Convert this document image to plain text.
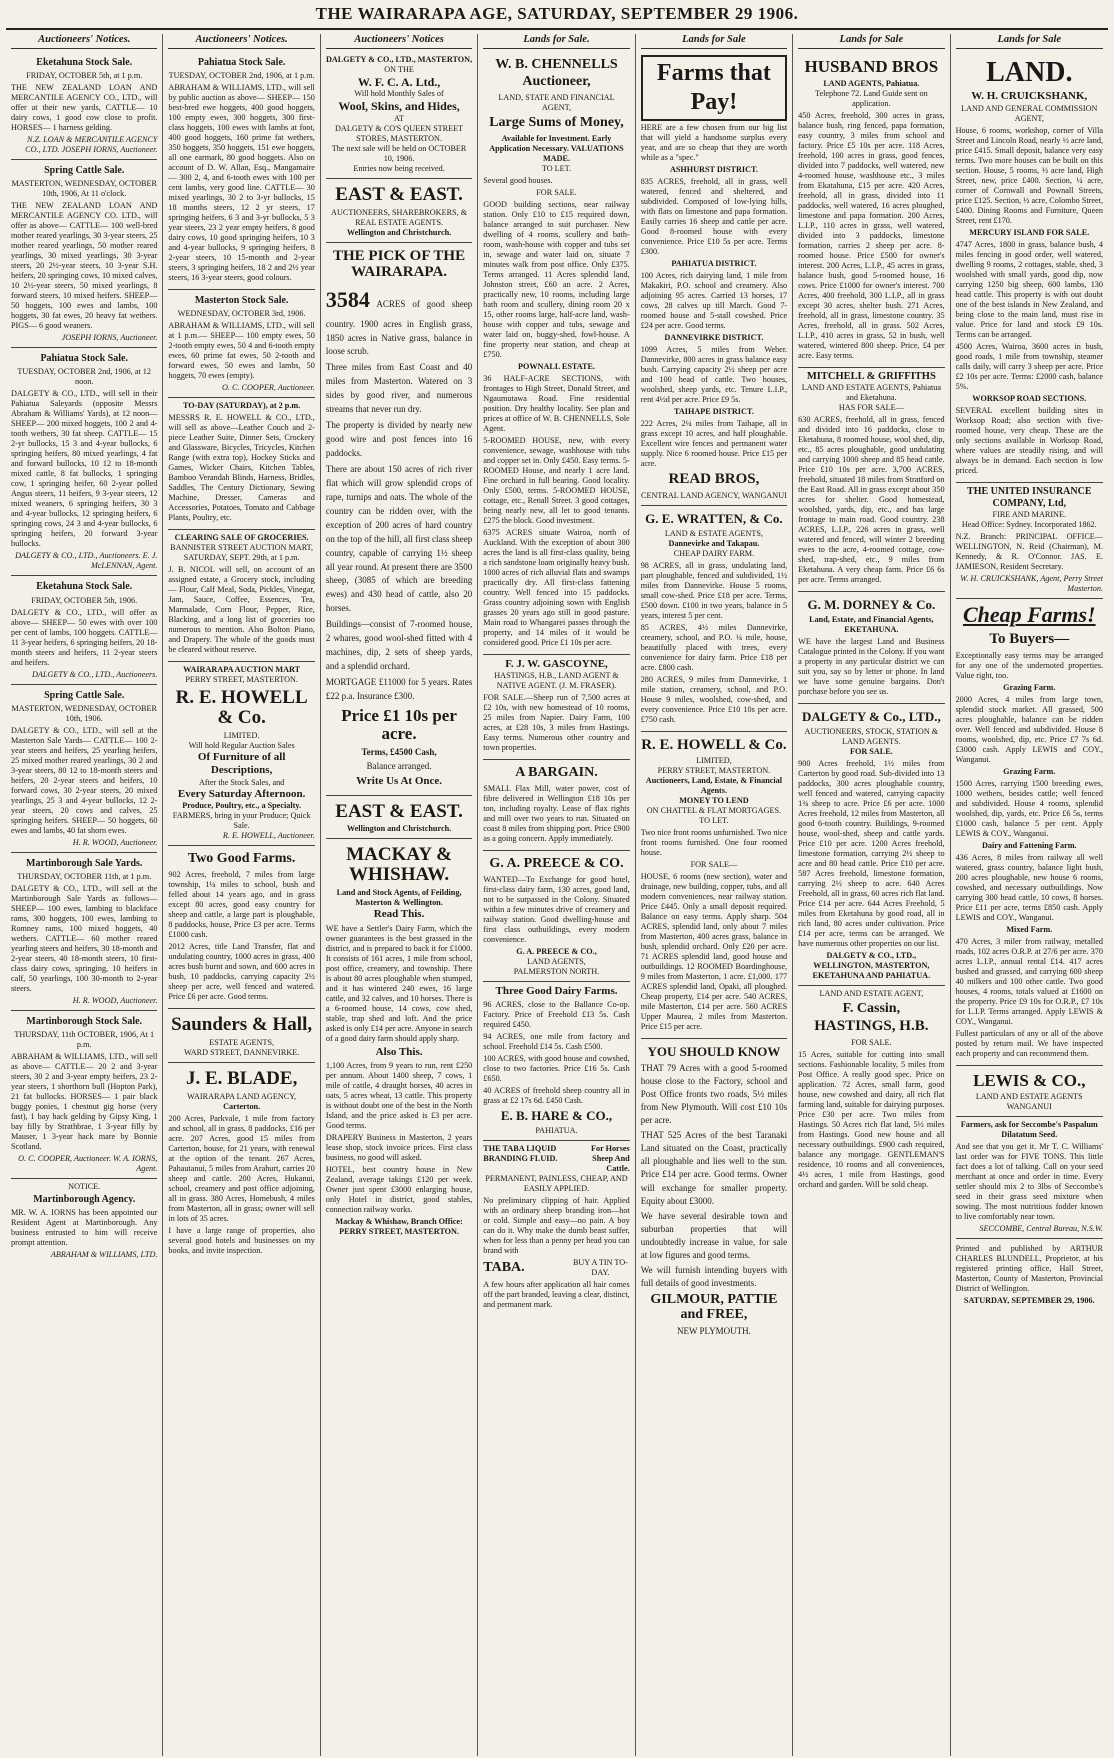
THE WAIRARAPA AGE, SATURDAY, SEPTEMBER 29 1906.
Auctioneers' Notices.
Eketahuna Stock Sale.
FRIDAY, OCTOBER 5th, at 1 p.m.
THE NEW ZEALAND LOAN AND MERCANTILE AGENCY CO., LTD., will offer at their new yards, CATTLE— 10 dairy cows, 1 good cow close to profit. HORSES— 1 harness gelding.
N.Z. LOAN & MERCANTILE AGENCY CO., LTD. JOSEPH IORNS, Auctioneer.
Spring Cattle Sale.
MASTERTON, WEDNESDAY, OCTOBER 10th, 1906, At 11 o'clock.
THE NEW ZEALAND LOAN AND MERCANTILE AGENCY CO. LTD., will offer as above— CATTLE— 100 well-bred mother reared yearlings, 30 3-year steers, 25 mother reared yearlings, 50 mother reared yearlings, 30 mixed yearlings, 30 3-year steers, 20 2½-year steers, 10 3-year S.H. heifers, 20 springing cows, 10 mixed calves, 10 2½-year steers, 50 mixed yearlings, 8 forward steers, 10 mixed heifers. SHEEP— 50 hoggets, 100 ewes and lambs, 100 hoggets, 30 fat ewes, 20 heavy fat wethers. PIGS— 6 good weaners.
JOSEPH IORNS, Auctioneer.
Pahiatua Stock Sale.
TUESDAY, OCTOBER 2nd, 1906, at 12 noon.
DALGETY & CO., LTD., will sell in their Pahiatua Saleyards (opposite Messrs Abraham & Williams' Yards), at 12 noon— SHEEP— 200 mixed hoggets, 100 2 and 4-tooth wethers, 30 fat sheep. CATTLE— 15 2-yr bullocks, 15 3 and 4-year bullocks, 6 springing heifers, 80 mixed yearlings, 4 fat and forward bullocks, 10 12 to 18-month mixed cattle, 8 fat bullocks, 1 springing cow, 1 springing heifer, 60 2-year polled Angus steers, 11 heifers, 9 3-year steers, 12 mixed weaners, 6 springing heifers, 30 3 and 4-year bullocks, 12 springing heifers, 6 springing cows, 24 3 and 4-year bullocks, 6 springing heifers, 20 forward 3-year bullocks.
DALGETY & CO., LTD., Auctioneers. E. J. McLENNAN, Agent.
Eketahuna Stock Sale.
FRIDAY, OCTOBER 5th, 1906.
DALGETY & CO., LTD., will offer as above— SHEEP— 50 ewes with over 100 per cent of lambs, 100 hoggets. CATTLE— 11 3-year heifers, 6 springing heifers, 20 18-month steers and heifers, 11 2-year steers and heifers.
DALGETY & CO., LTD., Auctioneers.
Spring Cattle Sale.
MASTERTON, WEDNESDAY, OCTOBER 10th, 1906.
DALGETY & CO., LTD., will sell at the Masterton Sale Yards— CATTLE— 100 2-year steers and heifers, 25 yearling heifers, 25 mixed mother reared yearlings, 30 2 and 3-year steers, 80 12 to 18-month steers and heifers, 20 2-year steers and heifers, 10 forward cows, 30 2-year steers, 20 mixed yearlings, 25 3 and 4-year bullocks, 12 2-year steers, 20 cows and calves, 25 springing heifers. SHEEP— 50 hoggets, 60 ewes and lambs, 40 fat shorn ewes.
H. R. WOOD, Auctioneer.
Martinborough Sale Yards.
THURSDAY, OCTOBER 11th, at 1 p.m.
DALGETY & CO., LTD., will sell at the Martinborough Sale Yards as follows— SHEEP— 100 ewes, lambing to blackface rams, 300 hoggets, 100 ewes, lambing to Romney rams, 100 mixed hoggets, 40 wethers. CATTLE— 60 mother reared yearling steers and heifers, 30 18-month and 2-year steers, 40 18-month steers, 10 first-class dairy cows, springing, 10 heifers in calf, 50 yearlings, 100 30-month to 2-year steers.
H. R. WOOD, Auctioneer.
Martinborough Stock Sale.
THURSDAY, 11th OCTOBER, 1906, At 1 p.m.
ABRAHAM & WILLIAMS, LTD., will sell as above— CATTLE— 20 2 and 3-year steers, 30 2 and 3-year empty heifers, 23 2-year steers, 1 shorthorn bull (Hopton Park), 21 fat bullocks. HORSES— 1 pair black buggy ponies, 1 chestnut gig horse (very fast), 1 bay hack gelding by Gipsy King, 1 bay filly by Strathbrae, 1 3-year filly by Mauser, 1 3-year hack mare by Bonnie Scotland.
O. C. COOPER, Auctioneer. W. A. IORNS, Agent.
NOTICE.
Martinborough Agency.
MR. W. A. IORNS has been appointed our Resident Agent at Martinborough. Any business entrusted to him will receive prompt attention.
ABRAHAM & WILLIAMS, LTD.
Auctioneers' Notices.
Pahiatua Stock Sale.
TUESDAY, OCTOBER 2nd, 1906, at 1 p.m.
ABRAHAM & WILLIAMS, LTD., will sell by public auction as above— SHEEP— 150 best-bred ewe hoggets, 400 good hoggets, 100 empty ewes, 300 hoggets, 300 first-class hoggets, 100 ewes with lambs at foot, 400 good hoggets, 160 prime fat wethers, 350 hoggets, 350 hoggets, 151 ewe hoggets, all one earmark, 80 good hoggets. Also on account of D. W. Allan, Esq., Mangamaire— 300 2, 4, and 6-tooth ewes with 100 per cent lambs, very good line. CATTLE— 30 mixed yearlings, 30 2 to 3-yr bullocks, 15 18 months steers, 12 2 yr steers, 17 springing heifers, 6 3 and 3-yr bullocks, 5 3 year steers, 23 2 year empty heifers, 8 good dairy cows, 10 good springing heifers, 10 3 and 4-year bullocks, 9 springing heifers, 8 2-year steers, 10 15-month and 2-year steers, 3 springing heifers, 18 2 and 2½ year steers, 16 3-year steers, good colours.
Masterton Stock Sale.
WEDNESDAY, OCTOBER 3rd, 1906.
ABRAHAM & WILLIAMS, LTD., will sell at 1 p.m.— SHEEP— 100 empty ewes, 50 2-tooth empty ewes, 50 4 and 6-tooth empty ewes, 60 prime fat ewes, 50 2-tooth and forward ewes, 50 ewes and lambs, 50 hoggets, 70 ewes (empty).
O. C. COOPER, Auctioneer.
TO-DAY (SATURDAY), at 2 p.m.
MESSRS R. E. HOWELL & CO., LTD., will sell as above—Leather Couch and 2-piece Leather Suite, Dinner Sets, Crockery and Glassware, Bicycles, Tricycles, Kitchen Range (with extra top), Hockey Sticks and Games, Wicker Chairs, Kitchen Tables, Bamboo Verandah Blinds, Harness, Bridles, Saddles, The Century Dictionary, Sewing Machine, Dresser, Cameras and Accessories, Potatoes, Tomato and Cabbage Plants, Poultry, etc.
CLEARING SALE OF GROCERIES.
BANNISTER STREET AUCTION MART, SATURDAY, SEPT. 29th, at 1 p.m.
J. B. NICOL will sell, on account of an assigned estate, a Grocery stock, including— Flour, Calf Meal, Soda, Pickles, Vinegar, Jam, Sauce, Coffee, Essences, Tea, Marmalade, Corn Flour, Pepper, Rice, Blacking, and a long list of groceries too numerous to mention. Also Bolton Piano, and Drapery. The whole of the goods must be cleared without reserve.
WAIRARAPA AUCTION MART
PERRY STREET, MASTERTON.
R. E. HOWELL & Co.
LIMITED.
Will hold Regular Auction Sales
Of Furniture of all Descriptions,
After the Stock Sales, and
Every Saturday Afternoon.
Produce, Poultry, etc., a Specialty.
FARMERS, bring in your Produce; Quick Sale.
R. E. HOWELL, Auctioneer.
Two Good Farms.
902 Acres, freehold, 7 miles from large township, 1¼ miles to school, bush and felled about 14 years ago, and in grass except 80 acres, good easy country for sheep and cattle, a large part is ploughable, 8 paddocks, house, Price £3 per acre. Terms £1000 cash.
2012 Acres, title Land Transfer, flat and undulating country, 1000 acres in grass, 400 acres bush burnt and sown, and 600 acres in bush, 10 paddocks, carrying capacity 2½ sheep per acre, well fenced and watered. Price £6 per acre. Good terms.
Saunders & Hall,
ESTATE AGENTS,
WARD STREET, DANNEVIRKE.
J. E. BLADE,
WAIRARAPA LAND AGENCY,
Carterton.
200 Acres, Parkvale, 1 mile from factory and school, all in grass, 8 paddocks, £16 per acre. 207 Acres, good 15 miles from Carterton, house, for 21 years, with renewal at the option of the tenant. 267 Acres, Pahautanui, 5 miles from Arahurt, carries 20 sheep and cattle. 200 Acres, Hukanui, school, creamery and post office adjoining, all in grass. 380 Acres, Homebush, 4 miles from Masterton, all in grass; owner will sell in lots of 35 acres.
I have a large range of properties, also several good hotels and businesses on my books, and invite inspection.
Auctioneers' Notices
DALGETY & CO., LTD., MASTERTON,
ON THE
W. F. C. A. Ltd.,
Will hold Monthly Sales of
Wool, Skins, and Hides,
AT
DALGETY & CO'S QUEEN STREET STORES, MASTERTON.
The next sale will be held on OCTOBER 10, 1906.
Entries now being received.
EAST & EAST.
AUCTIONEERS, SHAREBROKERS, & REAL ESTATE AGENTS.
Wellington and Christchurch.
THE PICK OF THE WAIRARAPA.
3584 ACRES of good sheep country. 1900 acres in English grass, 1850 acres in Native grass, balance in loose scrub.
Three miles from East Coast and 40 miles from Masterton. Watered on 3 sides by good river, and numerous streams that never run dry.
The property is divided by nearly new good wire and post fences into 16 paddocks.
There are about 150 acres of rich river flat which will grow splendid crops of rape, turnips and oats. The whole of the country can be ridden over, with the exception of 200 acres of hard country on the top of the hill, all first class sheep country, capable of carrying 1½ sheep all year round. At present there are 3500 sheep, (3085 of which are breeding ewes) and 430 head of cattle, also 20 horses.
Buildings—consist of 7-roomed house, 2 whares, good wool-shed fitted with 4 machines, dip, 2 sets of sheep yards, and a splendid orchard.
MORTGAGE £11000 for 5 years. Rates £22 p.a. Insurance £300.
Price £1 10s per acre.
Terms, £4500 Cash,
Balance arranged.
Write Us At Once.
EAST & EAST.
Wellington and Christchurch.
MACKAY & WHISHAW.
Land and Stock Agents, of Feilding, Masterton & Wellington.
Read This.
WE have a Settler's Dairy Farm, which the owner guarantees is the best grassed in the district, and is prepared to back it for £1000. It consists of 161 acres, 1 mile from school, post office, creamery, and township. There is about 80 acres ploughable when stumped, and it has wintered 240 ewes, 16 large cattle, and 32 calves, and 10 horses. There is a 6-roomed house, 14 cows, cow shed, stable, trap shed and loft. And the price asked is only £14 per acre. Anyone in search of a good dairy farm should apply sharp.
Also This.
1,100 Acres, from 9 years to run, rent £250 per annum. About 1400 sheep, 7 cows, 1 mile of cattle, 4 draught horses, 40 acres in oats, 5 acres wheat, 13 cattle. This property is without doubt one of the best in the North Island, and the price asked is £3 per acre. Good terms.
DRAPERY Business in Masterton, 2 years lease shop, stock invoice prices. First class business, no good will asked.
HOTEL, best country house in New Zealand, average takings £120 per week. Owner just spent £3000 enlarging house, only Hotel in district, good stables, connection railway works.
Mackay & Whishaw, Branch Office: PERRY STREET, MASTERTON.
Lands for Sale.
W. B. CHENNELLS
Auctioneer,
LAND, STATE AND FINANCIAL AGENT,
Large Sums of Money,
Available for Investment. Early Application Necessary. VALUATIONS MADE.
TO LET.
Several good houses.
FOR SALE.
GOOD building sections, near railway station. Only £10 to £15 required down, balance arranged to suit purchaser. New dwelling of 4 rooms, scullery and bath-room, wash-house with copper and tubs set in, sewage and water laid on, situate 7 minutes walk from post office. Only £375. Terms arranged. 11 Acres splendid land, Johnston street, £60 an acre. 2 Acres, practically new, 10 rooms, including large bath room and scullery, dining room 20 x 15, other rooms large, half-acre land, wash-house with copper and tubs, sewage and water laid on, buggy-shed, fowl-house. A fine property near station, and cheap at £750.
POWNALL ESTATE.
36 HALF-ACRE SECTIONS, with frontages to High Street, Donald Street, and Ngaumutawa Road. Fine residential position. Dry healthy locality. See plan and prices at office of W. B. CHENNELLS, Sole Agent.
5-ROOMED HOUSE, new, with every convenience, sewage, washhouse with tubs and copper set in. Only £450. Easy terms. 5-ROOMED House, and nearly 1 acre land. Fine orchard in full bearing. Good locality. Only £500, terms. 5-ROOMED HOUSE, cottage, etc., Renall Street. 3 good cottages, being nearly new, all let to good tenants. £275 the block. Good investment.
6375 ACRES situate Wairoa, north of Auckland. With the exception of about 300 acres the land is all first-class quality, being a rich sandstone loam originally heavy bush. 1000 acres of rich alluvial flats and swamps practically dry. All first-class fattening country. Well fenced into 15 paddocks. Grass country adjoining sown with English grasses 20 years ago still in good pasture. Main road to Whangarei passes through the property, and 14 miles of it would be considered good. Price £1 10s per acre.
F. J. W. GASCOYNE,
HASTINGS, H.B., LAND AGENT & NATIVE AGENT. (J. M. FRASER).
FOR SALE.—Sheep run of 7,500 acres at £2 10s, with new homestead of 10 rooms, 25 miles from Napier. Dairy Farm, 100 acres, at £28 10s, 3 miles from Hastings. Easy terms. Numerous other country and town properties.
A BARGAIN.
SMALL Flax Mill, water power, cost of fibre delivered in Wellington £18 10s per ton, including royalty. Lease of flax rights and mill over two years to run. Situated on coast 8 miles from shipping port. Price £900 as a going concern. Apply immediately.
G. A. PREECE & CO.
WANTED—To Exchange for good hotel, first-class dairy farm, 130 acres, good land, not to be surpassed in the Colony. Situated within a few minutes drive of creamery and railway station. Good dwelling-house and first class outbuildings, every modern convenience.
G. A. PREECE & CO.,
LAND AGENTS,
PALMERSTON NORTH.
Three Good Dairy Farms.
96 ACRES, close to the Ballance Co-op. Factory. Price of Freehold £13 5s. Cash required £450.
94 ACRES, one mile from factory and school. Freehold £14 5s. Cash £500.
100 ACRES, with good house and cowshed, close to two factories. Price £16 5s. Cash £650.
40 ACRES of freehold sheep country all in grass at £2 17s 6d. £450 Cash.
E. B. HARE & CO.,
PAHIATUA.
THE TABA LIQUID BRANDING FLUID.
For Horses Sheep And Cattle.
PERMANENT, PAINLESS, CHEAP, AND EASILY APPLIED.
No preliminary clipping of hair. Applied with an ordinary sheep branding iron—hot or cold. Simple and easy—no pain. A boy can do it. Why make the dumb beast suffer, when for less than a penny per head you can brand with
TABA.	BUY A TIN TO-DAY.
A few hours after application all hair comes off the part branded, leaving a clear, distinct, and permanent mark.
Lands for Sale
Farms that Pay!
HERE are a few chosen from our big list that will yield a handsome surplus every year, and are so cheap that they are worth while as a "spec."
ASHHURST DISTRICT.
835 ACRES, freehold, all in grass, well watered, fenced and sheltered, and subdivided. Composed of low-lying hills, with flats on limestone and papa formation. Easily carries 16 sheep and cattle per acre. Good 8-roomed house with every convenience. Price £10 5s per acre. Terms £300.
PAHIATUA DISTRICT.
100 Acres, rich dairying land, 1 mile from Makakiri, P.O. school and creamery. Also adjoining 95 acres. Carried 13 horses, 17 cows, 28 calves up till March. Good 7-roomed house and 5-stall cowshed. Price £24 per acre. Good terms.
DANNEVIRKE DISTRICT.
1099 Acres, 5 miles from Weber. Dannevirke, 800 acres in grass balance easy bush. Carrying capacity 2½ sheep per acre and 100 head of cattle. Two houses, woolshed, sheep yards, etc. Tenure L.I.P., rent 4½d per acre. Price £9 5s.
TAIHAPE DISTRICT.
222 Acres, 2¼ miles from Taihape, all in grass except 10 acres, and half ploughable. Excellent wire fences and permanent water supply. Nice 6 roomed house. Price £15 per acre.
READ BROS,
CENTRAL LAND AGENCY, WANGANUI
G. E. WRATTEN, & Co.
LAND & ESTATE AGENTS,
Dannevirke and Takapau.
CHEAP DAIRY FARM.
98 ACRES, all in grass, undulating land, part ploughable, fenced and subdivided, 1½ miles from Dannevirke. House 5 rooms, small cow-shed. Price £18 per acre. Terms, £500 down. £100 in two years, balance in 5 years, interest 5 per cent.
85 ACRES, 4½ miles Dannevirke, creamery, school, and P.O. ¼ mile, house, beautifully placed with trees, every convenience for dairy farm. Price £18 per acre. £800 cash.
280 ACRES, 9 miles from Dannevirke, 1 mile station, creamery, school, and P.O. House 9 miles, woolshed, cow-shed, and every convenience. Price £10 10s per acre. £750 cash.
R. E. HOWELL & Co.
LIMITED,
PERRY STREET, MASTERTON.
Auctioneers, Land, Estate, & Financial Agents.
MONEY TO LEND
ON CHATTEL & FLAT MORTGAGES.
TO LET.
Two nice front rooms unfurnished. Two nice front rooms furnished. One four roomed house.
FOR SALE—
HOUSE, 6 rooms (new section), water and drainage, new building, copper, tubs, and all modern conveniences, near railway station. Price £445. Only a small deposit required. Balance on easy terms. Apply sharp. 504 ACRES, splendid land, only about 7 miles from Masterton, 400 acres grass, balance in bush, splendid orchard. Only £20 per acre. 71 ACRES splendid land, good house and outbuildings. 12 ROOMED Boardinghouse, 9 miles from Masterton, 1 acre. £1,000. 177 ACRES splendid land, Opaki, all ploughed. Cheap property, £14 per acre. 540 ACRES, mile Masterton, £14 per acre. 560 ACRES Upper Maurea, 2 miles from Masterton. Price £15 per acre.
YOU SHOULD KNOW
THAT 79 Acres with a good 5-roomed house close to the Factory, school and Post Office fronts two roads, 5½ miles from New Plymouth. Will cost £10 10s per acre.
THAT 525 Acres of the best Taranaki Land situated on the Coast, practically all ploughable and lies well to the sun. Price £14 per acre. Good terms. Owner will exchange for smaller property. Equity about £3000.
We have several desirable town and suburban properties that will undoubtedly increase in value, for sale at low figures and good terms.
We will furnish intending buyers with full details of good investments.
GILMOUR, PATTIE and FREE,
NEW PLYMOUTH.
Lands for Sale
HUSBAND BROS
LAND AGENTS, Pahiatua.
Telephone 72. Land Guide sent on application.
450 Acres, freehold, 300 acres in grass, balance bush, ring fenced, papa formation, easy country, 3 miles from school and factory. Price £5 10s per acre. 118 Acres, freehold, 100 acres in grass, good fences, divided into 7 paddocks, well watered, new 4-roomed house, washhouse etc., 3 miles from Ekatahuna, £15 per acre. 420 Acres, freehold, all in grass, divided into 11 paddocks, well watered, 16 acres ploughed, limestone and papa formation. 200 Acres, L.I.P., 110 acres in grass, well watered, divided into 3 paddocks, limestone formation, carries 2 sheep per acre. 8-roomed house. Price £500 for owner's interest. 200 Acres, L.I.P., 45 acres in grass, balance bush, good 5-roomed house, 16 cows. Price £1000 for owner's interest. 700 Acres, 400 freehold, 300 L.I.P., all in grass except 30 acres, shelter bush. 271 Acres, freehold, all in grass, limestone country. 35 Acres, freehold, all in grass. 502 Acres, L.I.P., 410 acres in grass, 52 in bush, well watered, wintered 800 sheep. Price, £4 per acre. Easy terms.
MITCHELL & GRIFFITHS
LAND AND ESTATE AGENTS, Pahiatua and Eketahuna.
HAS FOR SALE—
630 ACRES, freehold, all in grass, fenced and divided into 16 paddocks, close to Eketahuna, 8 roomed house, wool shed, dip, etc., 85 acres ploughable, good undulating and carrying 1000 sheep and 85 head cattle. Price £10 10s per acre. 3,700 ACRES, freehold, situated 18 miles from Stratford on the East Road. All in grass except about 350 acres for shelter. Good homestead, woolshed, yards, dip, etc., and has large frontage to main road. Good country. 238 ACRES, L.I.P., 226 acres in grass, well watered and fenced, will winter 2 breeding ewes to the acre, 4-roomed cottage, cow-shed, trap-shed, etc., 9 miles from Eketahuna. A very cheap farm. Price £6 6s per acre. Terms arranged.
G. M. DORNEY & Co.
Land, Estate, and Financial Agents,
EKETAHUNA.
WE have the largest Land and Business Catalogue printed in the Colony. If you want a property in any particular district we can suit you, say so by letter or phone. In land we have some genuine bargains. Don't purchase before you see us.
DALGETY & Co., LTD.,
AUCTIONEERS, STOCK, STATION & LAND AGENTS.
FOR SALE.
900 Acres freehold, 1½ miles from Carterton by good road. Sub-divided into 13 paddocks, 300 acres ploughable country, well fenced and watered, carrying capacity 1¾ sheep to acre. Price £6 per acre. 1000 Acres freehold, 12 miles from Masterton, all good 6-tooth country. Buildings, 9-roomed house, wool-shed, sheep and cattle yards. Price £10 per acre. 1200 Acres freehold, limestone formation, carrying 2½ sheep to acre and 80 head cattle. Price £10 per acre. 587 Acres freehold, limestone formation, carrying 2½ sheep to acre. 640 Acres Freehold, all in grass, 60 acres rich flat land. Price £14 per acre. 644 Acres Freehold, 5 miles from Eketahuna by good road, all in rich land, 80 acres under cultivation. Price £14 per acre, terms can be arranged. We have numerous other properties on our list.
DALGETY & CO., LTD., WELLINGTON, MASTERTON, EKETAHUNA AND PAHIATUA.
LAND AND ESTATE AGENT,
F. Cassin,
HASTINGS, H.B.
FOR SALE.
15 Acres, suitable for cutting into small sections. Fashionable locality, 5 miles from Post Office. A really good spec. Price on application. 72 Acres, small farm, good house, new cowshed and dairy, all rich flat farming land, suitable for dairying purposes. Price £30 per acre. Two miles from Hastings. 50 Acres rich flat land, 5½ miles from Hastings. Good new house and all necessary outbuildings. £900 cash required, balance any mortgage. GENTLEMAN'S residence, 10 rooms and all conveniences, 4½ acres, 1 mile from Hastings, good orchard and garden. Will be sold cheap.
Lands for Sale
LAND.
W. H. CRUICKSHANK,
LAND AND GENERAL COMMISSION AGENT,
House, 6 rooms, workshop, corner of Villa Street and Lincoln Road, nearly ½ acre land, price £415. Small deposit, balance very easy terms. Two more houses can be built on this section. House, 5 rooms, ½ acre land, High Street, new, price £400. Section, ¼ acre, corner of Cornwall and Pownall Streets, price £125. Section, ½ acre, Colombo Street, £400. Dining Rooms and Furniture, Queen Street, rent £170.
MERCURY ISLAND FOR SALE.
4747 Acres, 1800 in grass, balance bush, 4 miles fencing in good order, well watered, dwelling 9 rooms, 2 cottages, stable, shed, 3 woolshed with small yards, good dip, now carrying 1250 big sheep, 600 lambs, 130 head cattle. This property is with out doubt one of the best islands in New Zealand, and being close to the main land, must rise in value. Price for land and stock £9 10s. Terms can be arranged.
4500 Acres, Wairoa, 3600 acres in bush, good roads, 1 mile from township, steamer calls daily, will carry 3 sheep per acre. Price £2 10s per acre. Terms: £2000 cash, balance 5%.
WORKSOP ROAD SECTIONS.
SEVERAL excellent building sites in Worksop Road; also section with five-roomed house, very cheap. These are the only sections available in Worksop Road, where values are steadily rising, and will always be in demand. Each section is low priced.
THE UNITED INSURANCE COMPANY, Ltd,
FIRE AND MARINE.
Head Office: Sydney. Incorporated 1862.
N.Z. Branch: PRINCIPAL OFFICE—WELLINGTON, N. Reid (Chairman), M. Kennedy, & R. O'Connor. JAS. E. JAMIESON, Resident Secretary.
W. H. CRUICKSHANK, Agent, Perry Street Masterton.
Cheap Farms!
To Buyers—
Exceptionally easy terms may be arranged for any one of the undernoted properties. Value right, too.
Grazing Farm.
2000 Acres, 4 miles from large town, splendid stock market. All grassed, 500 acres ploughable, balance can be ridden over. Well fenced and subdivided. House 8 rooms, woolshed, dip, etc. Price £7 7s 6d. £3000 cash. Apply LEWIS and COY., Wanganui.
Grazing Farm.
1500 Acres, carrying 1500 breeding ewes, 1000 wethers, besides cattle; well fenced and subdivided. House 4 rooms, splendid woolshed, dip, yards, etc. Price £6 5s, terms £1000 cash, balance 5 per cent. Apply LEWIS & COY., Wanganui.
Dairy and Fattening Farm.
436 Acres, 8 miles from railway all well watered, grass country, balance light bush, 200 acres ploughable, new house 6 rooms, cowshed, and necessary outbuildings. Now carrying 300 head cattle, 10 cows, 8 horses. Price £11 per acre, terms £850 cash. Apply LEWIS and COY., Wanganui.
Mixed Farm.
470 Acres, 3 miler from railway, metalled roads, 102 acres O.R.P. at 27/6 per acre. 370 acres L.I.P., annual rental £14. 417 acres bushed and grassed, and carrying 600 sheep 40 milkers and 100 other cattle. Two good houses, 4 rooms, totals valued at £1600 on the property. Price £9 10s for O.R.P., £7 10s for L.I.P. Terms arranged. Apply LEWIS & COY., Wanganui.
Fullest particulars of any or all of the above posted by return mail. We have inspected each property and can recommend them.
LEWIS & CO.,
LAND AND ESTATE AGENTS
WANGANUI
Farmers, ask for Seccombe's Paspalum Dilatatum Seed.
And see that you get it. Mr T. C. Williams' last order was for FIVE TONS. This little fact does a lot of talking. Call on your seed merchant at once and order in time. Every settler should mix 2 to 3lbs of Seccombe's seed in their grass seed mixture when sowing. The most nutritious fodder known to live comfortably near town.
SECCOMBE, Central Bureau, N.S.W.
Printed and published by ARTHUR CHARLES BLUNDELL, Proprietor, at his registered printing office, Hall Street, Masterton, County of Masterton, Provincial District of Wellington.
SATURDAY, SEPTEMBER 29, 1906.
